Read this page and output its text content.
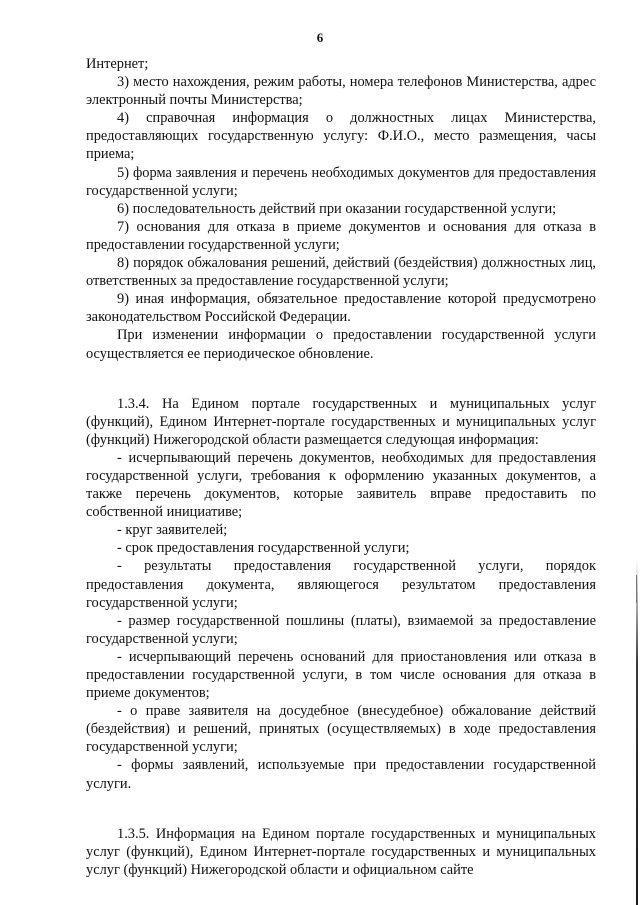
6

Интернет;

3) место нахождения, режим работы, номера телефонов Министерства, адрес электронный почты Министерства;

4) справочная информация о должностных лицах Министерства, предоставляющих государственную услугу: Ф.И.О., место размещения, часы приема;

5) форма заявления и перечень необходимых документов для предоставления государственной услуги;

6) последовательность действий при оказании государственной услуги;

7) основания для отказа в приеме документов и основания для отказа в предоставлении государственной услуги;

8) порядок обжалования решений, действий (бездействия) должностных лиц, ответственных за предоставление государственной услуги;

9) иная информация, обязательное предоставление которой предусмотрено законодательством Российской Федерации.

При изменении информации о предоставлении государственной услуги осуществляется ее периодическое обновление.

1.3.4. На Едином портале государственных и муниципальных услуг (функций), Едином Интернет-портале государственных и муниципальных услуг (функций) Нижегородской области размещается следующая информация:

- исчерпывающий перечень документов, необходимых для предоставления государственной услуги, требования к оформлению указанных документов, а также перечень документов, которые заявитель вправе предоставить по собственной инициативе;

- круг заявителей;

- срок предоставления государственной услуги;

- результаты предоставления государственной услуги, порядок предоставления документа, являющегося результатом предоставления государственной услуги;

- размер государственной пошлины (платы), взимаемой за предоставление государственной услуги;

- исчерпывающий перечень оснований для приостановления или отказа в предоставлении государственной услуги, в том числе основания для отказа в приеме документов;

- о праве заявителя на досудебное (внесудебное) обжалование действий (бездействия) и решений, принятых (осуществляемых) в ходе предоставления государственной услуги;

- формы заявлений, используемые при предоставлении государственной услуги.

1.3.5. Информация на Едином портале государственных и муниципальных услуг (функций), Едином Интернет-портале государственных и муниципальных услуг (функций) Нижегородской области и официальном сайте
